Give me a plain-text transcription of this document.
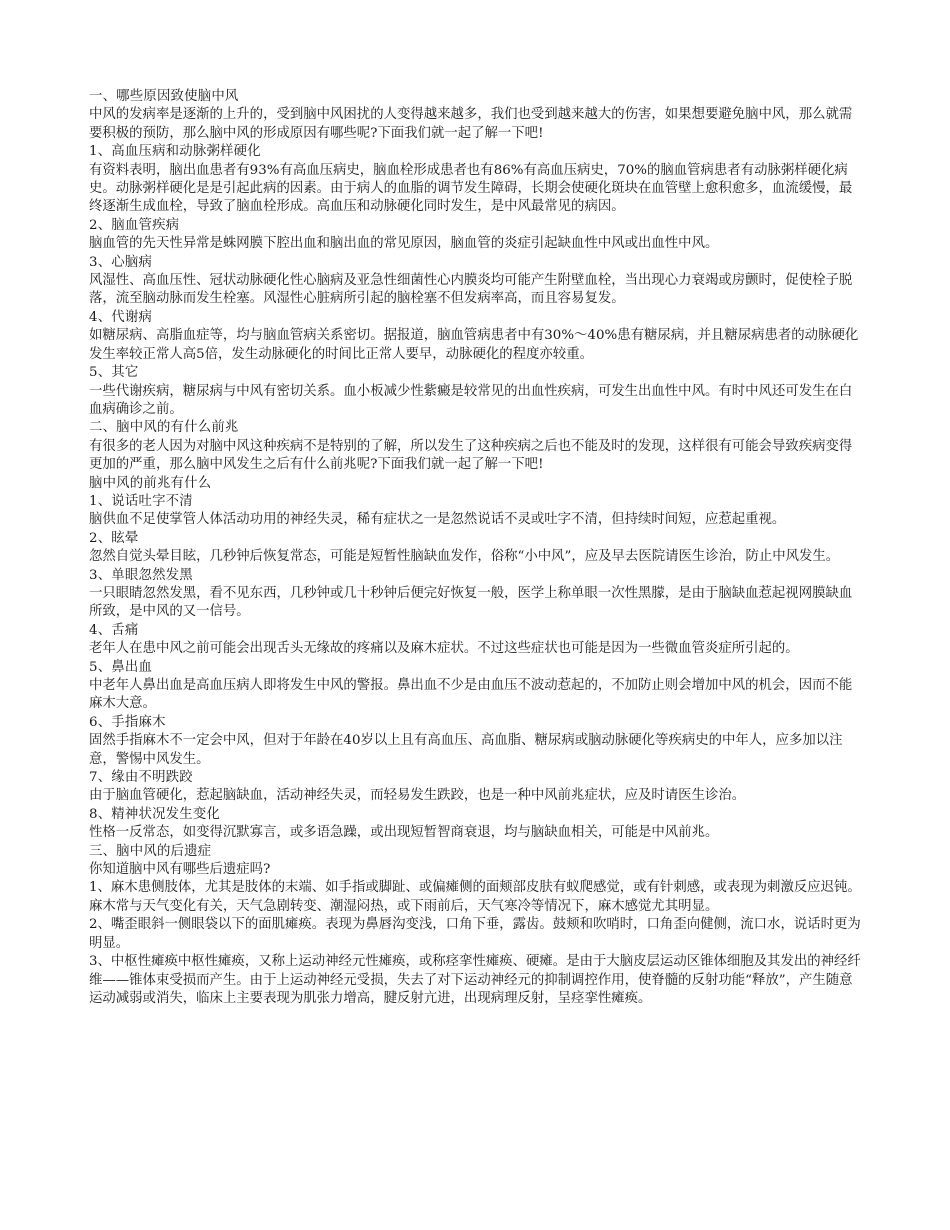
一、哪些原因致使脑中风

中风的发病率是逐渐的上升的，受到脑中风困扰的人变得越来越多，我们也受到越来越大的伤害，如果想要避免脑中风，那么就需要积极的预防，那么脑中风的形成原因有哪些呢?下面我们就一起了解一下吧!

1、高血压病和动脉粥样硬化

有资料表明，脑出血患者有93%有高血压病史，脑血栓形成患者也有86%有高血压病史，70%的脑血管病患者有动脉粥样硬化病史。动脉粥样硬化是是引起此病的因素。由于病人的血脂的调节发生障碍，长期会使硬化斑块在血管壁上愈积愈多，血流缓慢，最终逐渐生成血栓，导致了脑血栓形成。高血压和动脉硬化同时发生，是中风最常见的病因。

2、脑血管疾病

脑血管的先天性异常是蛛网膜下腔出血和脑出血的常见原因，脑血管的炎症引起缺血性中风或出血性中风。

3、心脑病

风湿性、高血压性、冠状动脉硬化性心脑病及亚急性细菌性心内膜炎均可能产生附壁血栓，当出现心力衰竭或房颤时，促使栓子脱落，流至脑动脉而发生栓塞。风湿性心脏病所引起的脑栓塞不但发病率高，而且容易复发。

4、代谢病

如糖尿病、高脂血症等，均与脑血管病关系密切。据报道，脑血管病患者中有30%～40%患有糖尿病，并且糖尿病患者的动脉硬化发生率较正常人高5倍，发生动脉硬化的时间比正常人要早，动脉硬化的程度亦较重。

5、其它

一些代谢疾病，糖尿病与中风有密切关系。血小板减少性紫癜是较常见的出血性疾病，可发生出血性中风。有时中风还可发生在白血病确诊之前。

二、脑中风的有什么前兆

有很多的老人因为对脑中风这种疾病不是特别的了解，所以发生了这种疾病之后也不能及时的发现，这样很有可能会导致疾病变得更加的严重，那么脑中风发生之后有什么前兆呢?下面我们就一起了解一下吧!

脑中风的前兆有什么

1、说话吐字不清

脑供血不足使掌管人体活动功用的神经失灵，稀有症状之一是忽然说话不灵或吐字不清，但持续时间短，应惹起重视。

2、眩晕

忽然自觉头晕目眩，几秒钟后恢复常态，可能是短暂性脑缺血发作，俗称“小中风”，应及早去医院请医生诊治，防止中风发生。

3、单眼忽然发黑

一只眼睛忽然发黑，看不见东西，几秒钟或几十秒钟后便完好恢复一般，医学上称单眼一次性黑朦，是由于脑缺血惹起视网膜缺血所致，是中风的又一信号。

4、舌痛

老年人在患中风之前可能会出现舌头无缘故的疼痛以及麻木症状。不过这些症状也可能是因为一些微血管炎症所引起的。

5、鼻出血

中老年人鼻出血是高血压病人即将发生中风的警报。鼻出血不少是由血压不波动惹起的，不加防止则会增加中风的机会，因而不能麻木大意。

6、手指麻木

固然手指麻木不一定会中风，但对于年龄在40岁以上且有高血压、高血脂、糖尿病或脑动脉硬化等疾病史的中年人，应多加以注意，警惕中风发生。

7、缘由不明跌跤

由于脑血管硬化，惹起脑缺血，活动神经失灵，而轻易发生跌跤，也是一种中风前兆症状，应及时请医生诊治。

8、精神状况发生变化

性格一反常态，如变得沉默寡言，或多语急躁，或出现短暂智商衰退，均与脑缺血相关，可能是中风前兆。

三、脑中风的后遗症

你知道脑中风有哪些后遗症吗?

1、麻木患侧肢体，尤其是肢体的末端、如手指或脚趾、或偏瘫侧的面颊部皮肤有蚁爬感觉，或有针刺感，或表现为刺激反应迟钝。麻木常与天气变化有关，天气急剧转变、潮湿闷热，或下雨前后，天气寒冷等情况下，麻木感觉尤其明显。

2、嘴歪眼斜一侧眼袋以下的面肌瘫痪。表现为鼻唇沟变浅，口角下垂，露齿。鼓颊和吹哨时，口角歪向健侧，流口水，说话时更为明显。

3、中枢性瘫痪中枢性瘫痪，又称上运动神经元性瘫痪，或称痉挛性瘫痪、硬瘫。是由于大脑皮层运动区锥体细胞及其发出的神经纤维——锥体束受损而产生。由于上运动神经元受损，失去了对下运动神经元的抑制调控作用，使脊髓的反射功能“释放”，产生随意运动减弱或消失，临床上主要表现为肌张力增高，腱反射亢进，出现病理反射，呈痉挛性瘫痪。
